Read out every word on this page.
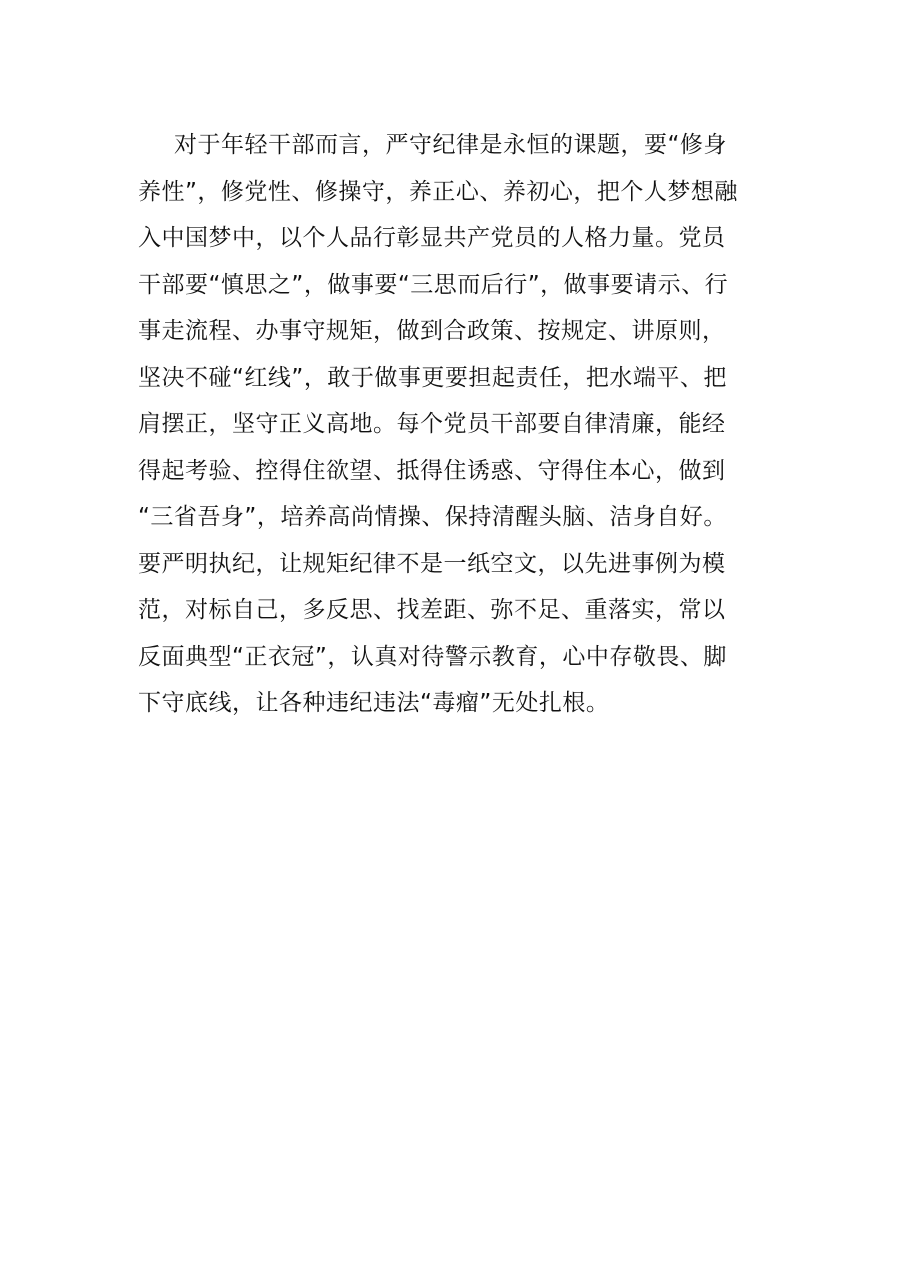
对于年轻干部而言，严守纪律是永恒的课题，要“修身
养性”，修党性、修操守，养正心、养初心，把个人梦想融
入中国梦中，以个人品行彰显共产党员的人格力量。党员
干部要“慎思之”，做事要“三思而后行”，做事要请示、行
事走流程、办事守规矩，做到合政策、按规定、讲原则，
坚决不碰“红线”，敢于做事更要担起责任，把水端平、把
肩摆正，坚守正义高地。每个党员干部要自律清廉，能经
得起考验、控得住欲望、抵得住诱惑、守得住本心，做到
“三省吾身”，培养高尚情操、保持清醒头脑、洁身自好。
要严明执纪，让规矩纪律不是一纸空文，以先进事例为模
范，对标自己，多反思、找差距、弥不足、重落实，常以
反面典型“正衣冠”，认真对待警示教育，心中存敬畏、脚
下守底线，让各种违纪违法“毒瘤”无处扎根。
